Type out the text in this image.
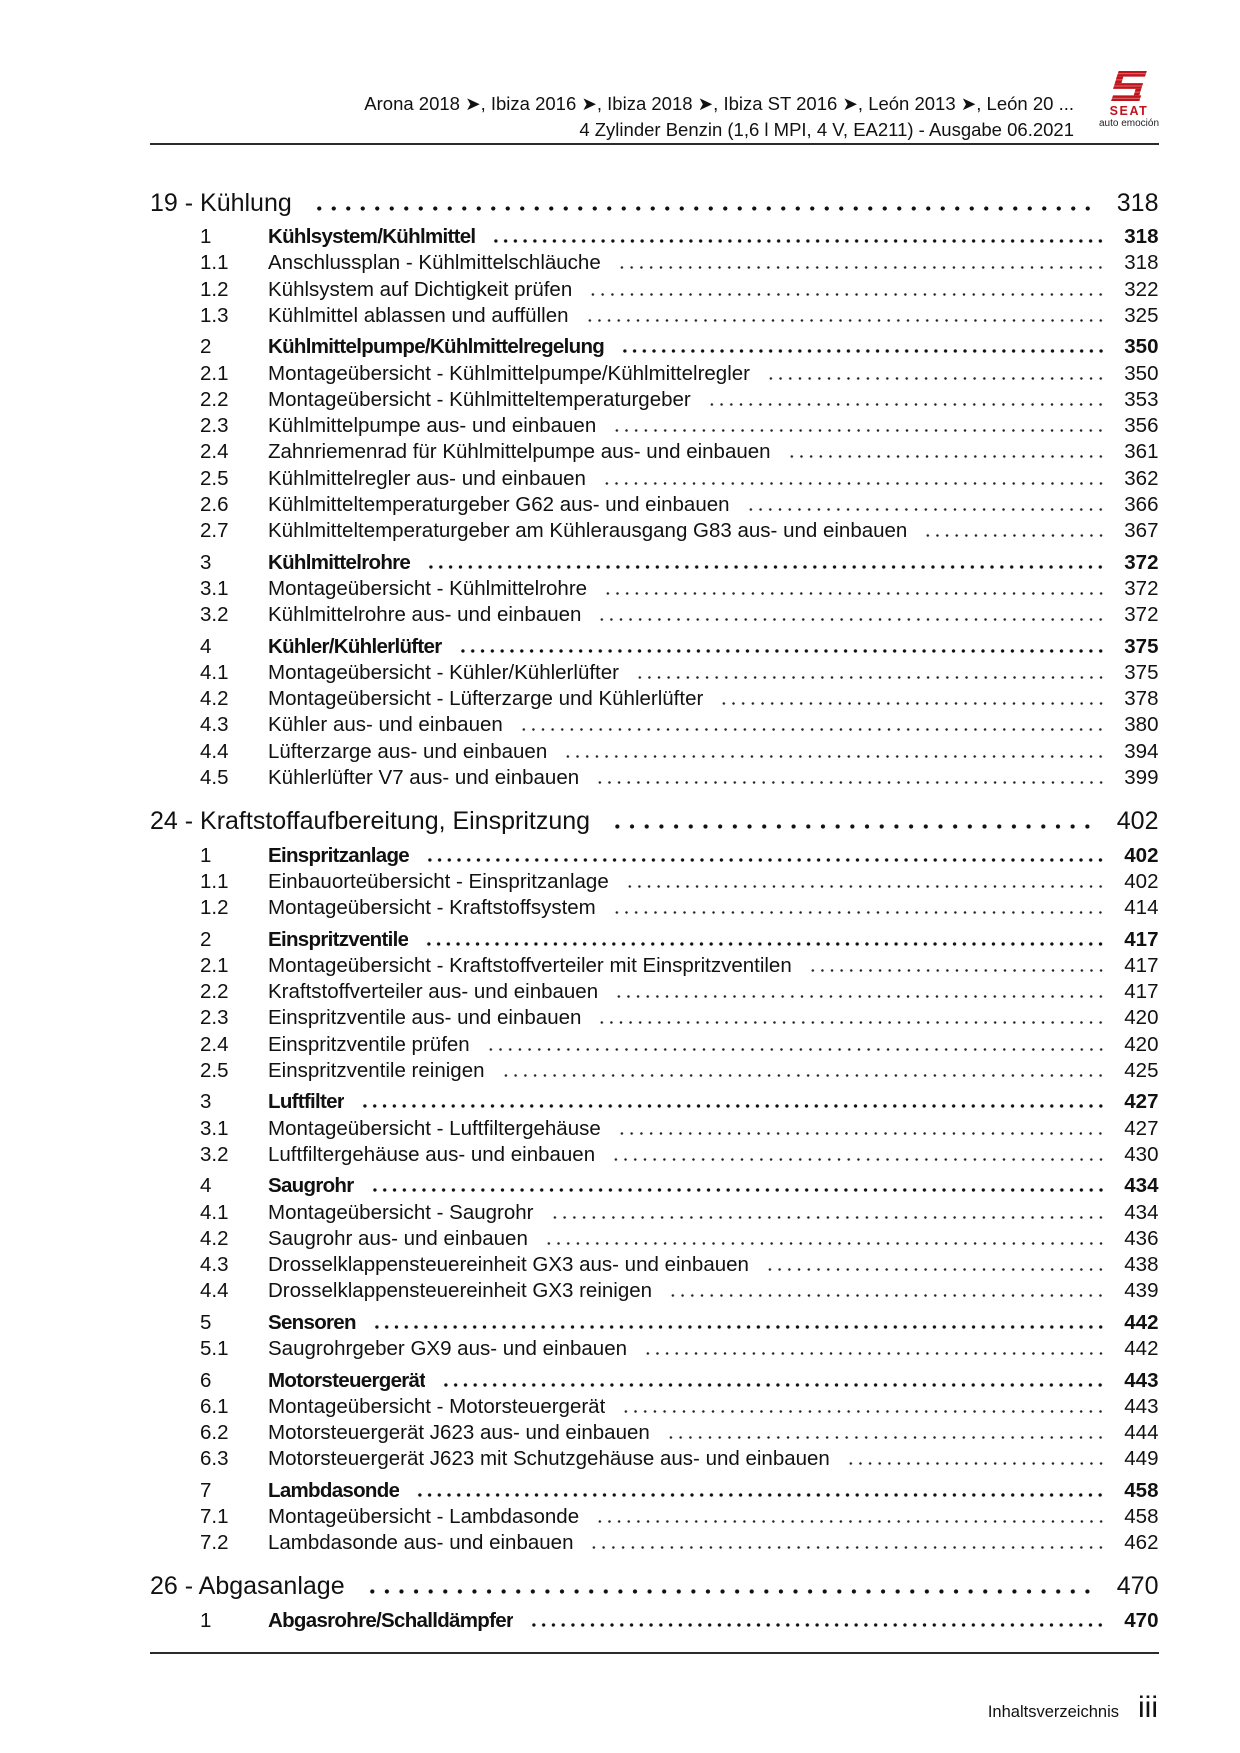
Arona 2018 ➤, Ibiza 2016 ➤, Ibiza 2018 ➤, Ibiza ST 2016 ➤, León 2013 ➤, León 20 ...
4 Zylinder Benzin (1,6 l MPI, 4 V, EA211) - Ausgabe 06.2021
SEAT
auto emoción
19 - Kühlung	318
1	Kühlsystem/Kühlmittel	318
1.1	Anschlussplan - Kühlmittelschläuche	318
1.2	Kühlsystem auf Dichtigkeit prüfen	322
1.3	Kühlmittel ablassen und auffüllen	325
2	Kühlmittelpumpe/Kühlmittelregelung	350
2.1	Montageübersicht - Kühlmittelpumpe/Kühlmittelregler	350
2.2	Montageübersicht - Kühlmitteltemperaturgeber	353
2.3	Kühlmittelpumpe aus- und einbauen	356
2.4	Zahnriemenrad für Kühlmittelpumpe aus- und einbauen	361
2.5	Kühlmittelregler aus- und einbauen	362
2.6	Kühlmitteltemperaturgeber G62 aus- und einbauen	366
2.7	Kühlmitteltemperaturgeber am Kühlerausgang G83 aus- und einbauen	367
3	Kühlmittelrohre	372
3.1	Montageübersicht - Kühlmittelrohre	372
3.2	Kühlmittelrohre aus- und einbauen	372
4	Kühler/Kühlerlüfter	375
4.1	Montageübersicht - Kühler/Kühlerlüfter	375
4.2	Montageübersicht - Lüfterzarge und Kühlerlüfter	378
4.3	Kühler aus- und einbauen	380
4.4	Lüfterzarge aus- und einbauen	394
4.5	Kühlerlüfter V7 aus- und einbauen	399
24 - Kraftstoffaufbereitung, Einspritzung	402
1	Einspritzanlage	402
1.1	Einbauorteübersicht - Einspritzanlage	402
1.2	Montageübersicht - Kraftstoffsystem	414
2	Einspritzventile	417
2.1	Montageübersicht - Kraftstoffverteiler mit Einspritzventilen	417
2.2	Kraftstoffverteiler aus- und einbauen	417
2.3	Einspritzventile aus- und einbauen	420
2.4	Einspritzventile prüfen	420
2.5	Einspritzventile reinigen	425
3	Luftfilter	427
3.1	Montageübersicht - Luftfiltergehäuse	427
3.2	Luftfiltergehäuse aus- und einbauen	430
4	Saugrohr	434
4.1	Montageübersicht - Saugrohr	434
4.2	Saugrohr aus- und einbauen	436
4.3	Drosselklappensteuereinheit GX3 aus- und einbauen	438
4.4	Drosselklappensteuereinheit GX3 reinigen	439
5	Sensoren	442
5.1	Saugrohrgeber GX9 aus- und einbauen	442
6	Motorsteuergerät	443
6.1	Montageübersicht - Motorsteuergerät	443
6.2	Motorsteuergerät J623 aus- und einbauen	444
6.3	Motorsteuergerät J623 mit Schutzgehäuse aus- und einbauen	449
7	Lambdasonde	458
7.1	Montageübersicht - Lambdasonde	458
7.2	Lambdasonde aus- und einbauen	462
26 - Abgasanlage	470
1	Abgasrohre/Schalldämpfer	470
Inhaltsverzeichnis iii
